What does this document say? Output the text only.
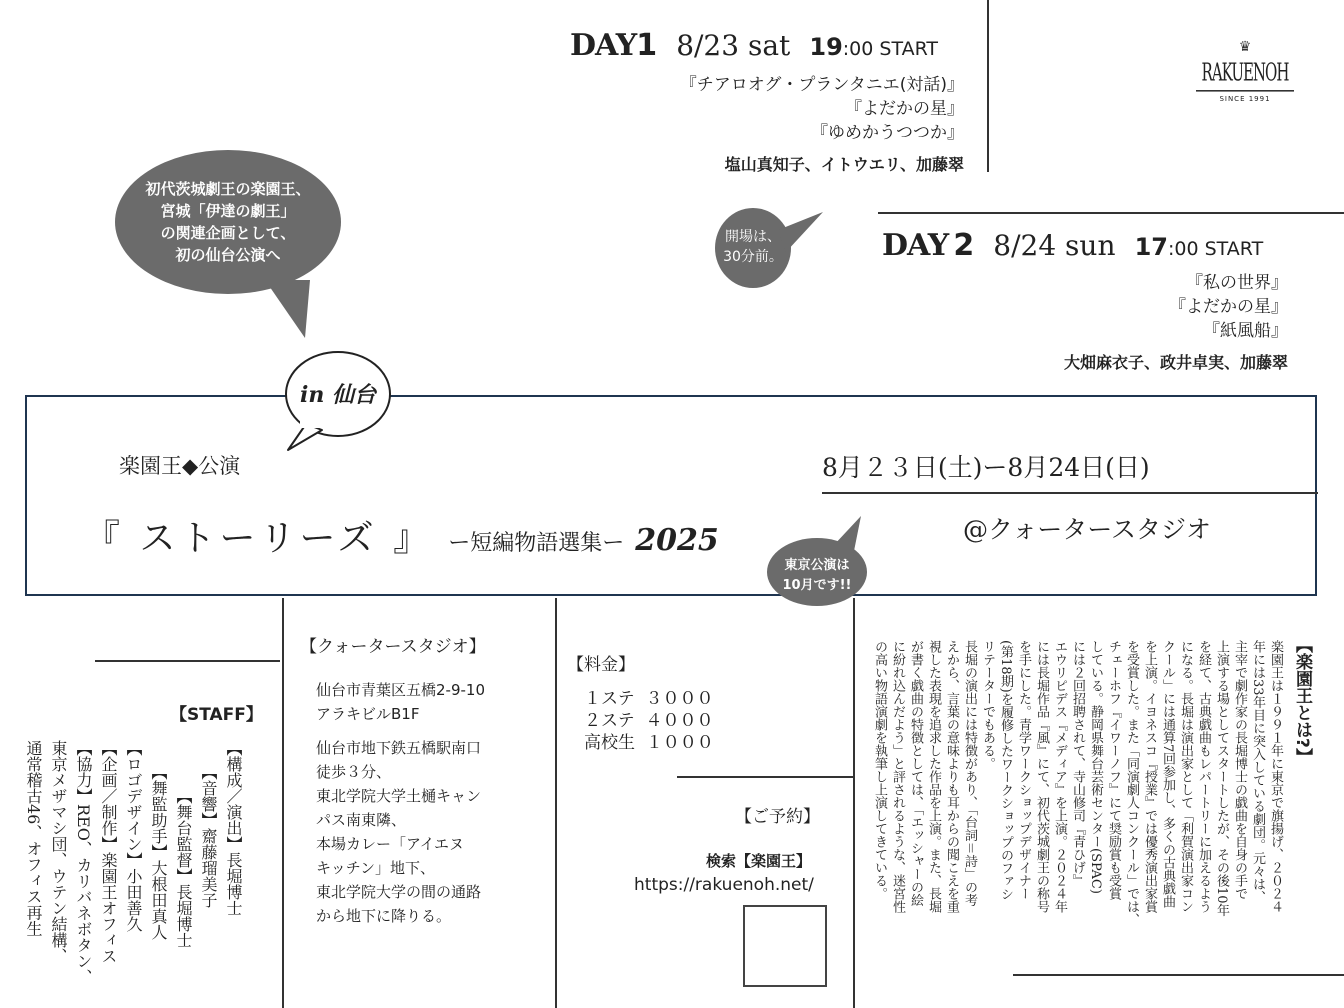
DAY1 8/23 sat 19:00 START
『チアロオグ・プランタニエ(対話)』
『よだかの星』
『ゆめかうつつか』
塩山真知子、イトウエリ、加藤翠
♛
RAKUENOH
SINCE 1991
初代茨城劇王の楽園王、
宮城「伊達の劇王」
の関連企画として、
初の仙台公演へ
開場は、
30分前。	DAY 2 8/24 sun 17:00 START
『私の世界』
『よだかの星』
『紙風船』
大畑麻衣子、政井卓実、加藤翠
in 仙台
楽園王◆公演
『 ストーリーズ 』 ー短編物語選集ー 2025
8月２３日(土)ー8月24日(日)
@クォータースタジオ
東京公演は
10月です!!
【STAFF】
【構成／演出】長堀博士
【音響】齋藤瑠美子
【舞台監督】長堀博士
【舞監助手】大根田真人
【ロゴデザイン】小田善久
【企画／制作】楽園王オフィス
【協力】REO、カリバネボタン、
東京メザマシ団、ウテン結構、
通常稽古46、オフィス再生
【クォータースタジオ】
仙台市青葉区五橋2-9-10
アラキビルB1F
仙台市地下鉄五橋駅南口
徒歩３分、
東北学院大学土樋キャン
パス南東隣、
本場カレー「アイエヌ
キッチン」地下、
東北学院大学の間の通路
から地下に降りる。
【料金】
１ステ ３０００
２ステ ４０００
高校生 １０００
【ご予約】
検索【楽園王】
https://rakuenoh.net/
【楽園王とは?】
楽園王は１９９１年に東京で旗揚げ、２０２４
年には33年目に突入している劇団。元々は、
主宰で劇作家の長堀博士の戯曲を自身の手で
上演する場としてスタートしたが、その後10年
を経て、古典戯曲もレパートリーに加えるよう
になる。長堀は演出家として「利賀演出家コン
クール」には通算7回参加し、多くの古典戯曲
を上演。イヨネスコ『授業』では優秀演出家賞
を受賞した。また「同演劇人コンクール」では、
チェーホフ『イワーノフ』にて奨励賞も受賞
している。静岡県舞台芸術センター(SPAC)
には２回招聘されて、寺山修司『青ひげ』
エウリピデス『メディア』を上演。２０２４年
には長堀作品『風』にて、初代茨城劇王の称号
を手にした。青学ワークショップデザイナー
(第18期)を履修したワークショップのファシ
リテーターでもある。
長堀の演出には特徴があり、「台詞＝詩」の考
えから、言葉の意味よりも耳からの聞こえを重
視した表現を追求した作品を上演。また、長堀
が書く戯曲の特徴としては、「エッシャーの絵
に紛れ込んだよう」と評されるような、迷宮性
の高い物語演劇を執筆し上演してきている。
